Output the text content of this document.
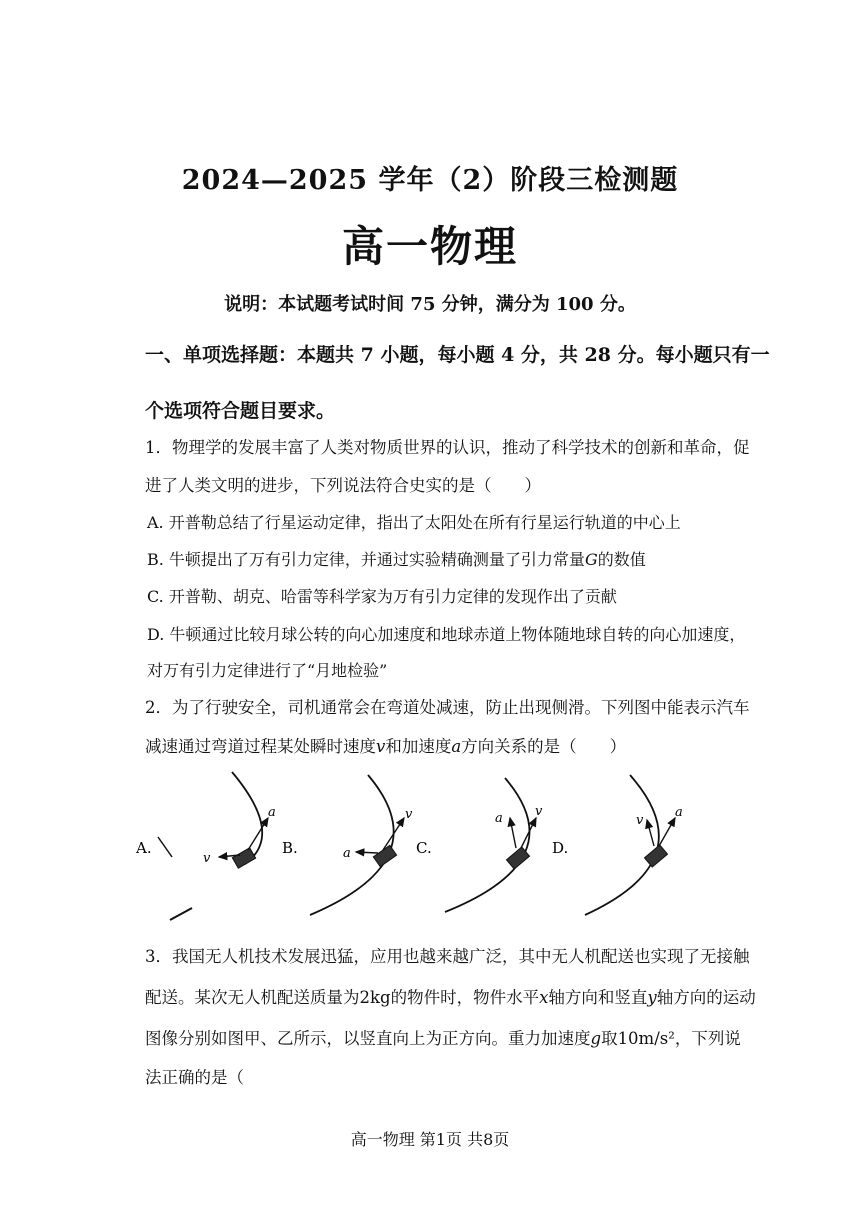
2024—2025 学年（2）阶段三检测题
高一物理
说明：本试题考试时间 75 分钟，满分为 100 分。
一、单项选择题：本题共 7 小题，每小题 4 分，共 28 分。每小题只有一
个选项符合题目要求。
1．物理学的发展丰富了人类对物质世界的认识，推动了科学技术的创新和革命，促
进了人类文明的进步，下列说法符合史实的是（　　）
A. 开普勒总结了行星运动定律，指出了太阳处在所有行星运行轨道的中心上
B. 牛顿提出了万有引力定律，并通过实验精确测量了引力常量G的数值
C. 开普勒、胡克、哈雷等科学家为万有引力定律的发现作出了贡献
D. 牛顿通过比较月球公转的向心加速度和地球赤道上物体随地球自转的向心加速度，
对万有引力定律进行了“月地检验”
2．为了行驶安全，司机通常会在弯道处减速，防止出现侧滑。下列图中能表示汽车
减速通过弯道过程某处瞬时速度v和加速度a方向关系的是（　　）
A.
v
a
B.
v
a	C.
a v
D.
v
a
3．我国无人机技术发展迅猛，应用也越来越广泛，其中无人机配送也实现了无接触
配送。某次无人机配送质量为2kg的物件时，物件水平x轴方向和竖直y轴方向的运动
图像分别如图甲、乙所示，以竖直向上为正方向。重力加速度g取10m/s²，下列说
法正确的是（
高一物理 第1页 共8页
